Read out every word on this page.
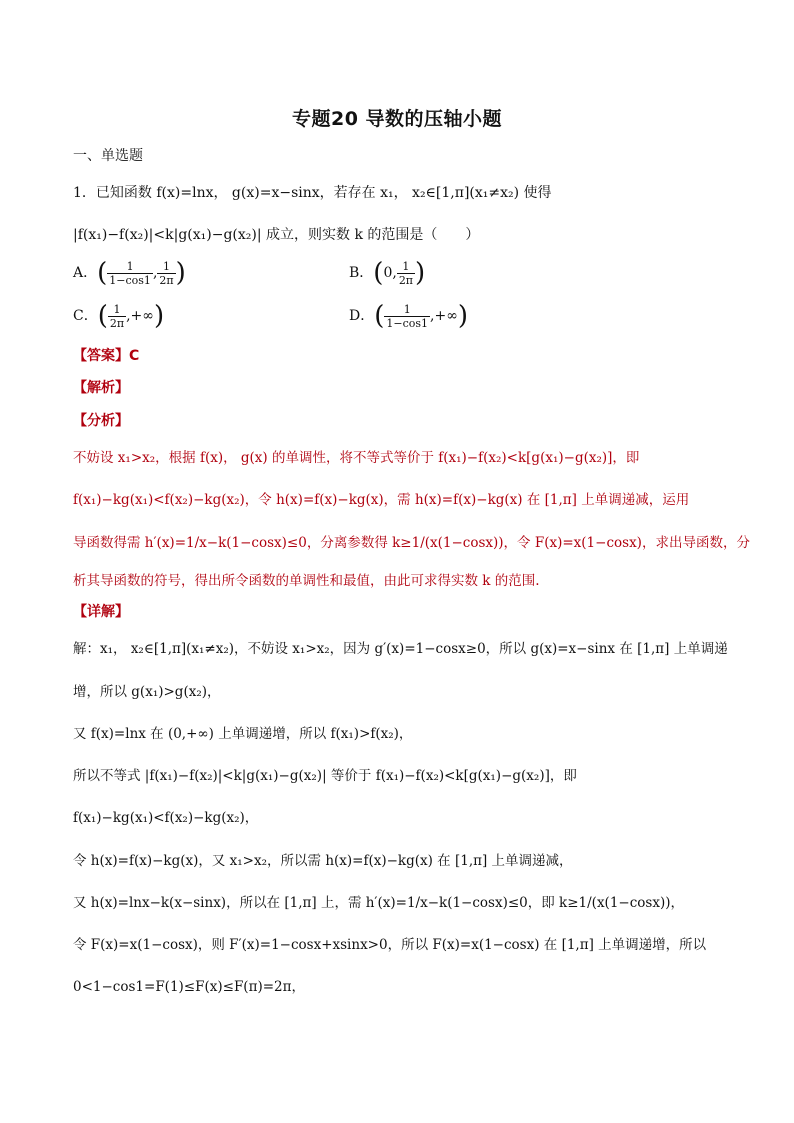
专题20 导数的压轴小题
一、单选题
1．已知函数 f(x)=lnx， g(x)=x−sinx，若存在 x₁， x₂∈[1,π](x₁≠x₂) 使得
|f(x₁)−f(x₂)|<k|g(x₁)−g(x₂)| 成立，则实数 k 的范围是（　　）
A．( $\frac{1}{1-\cos 1}$ , $\frac{1}{2\pi}$ )	B．(0, $\frac{1}{2\pi}$ )
C．( $\frac{1}{2\pi}$ ,+∞)	D．( $\frac{1}{1-\cos 1}$ ,+∞)
【答案】C
【解析】
【分析】
不妨设 x₁>x₂，根据 f(x)， g(x) 的单调性，将不等式等价于 f(x₁)−f(x₂)<k[g(x₁)−g(x₂)]，即
f(x₁)−kg(x₁)<f(x₂)−kg(x₂)，令 h(x)=f(x)−kg(x)，需 h(x)=f(x)−kg(x) 在 [1,π] 上单调递减，运用
导函数得需 h′(x)=1/x−k(1−cosx)≤0，分离参数得 k≥1/(x(1−cosx))，令 F(x)=x(1−cosx)，求出导函数，分
析其导函数的符号，得出所令函数的单调性和最值，由此可求得实数 k 的范围.
【详解】
解：x₁， x₂∈[1,π](x₁≠x₂)，不妨设 x₁>x₂，因为 g′(x)=1−cosx≥0，所以 g(x)=x−sinx 在 [1,π] 上单调递
增，所以 g(x₁)>g(x₂)，
又 f(x)=lnx 在 (0,+∞) 上单调递增，所以 f(x₁)>f(x₂)，
所以不等式 |f(x₁)−f(x₂)|<k|g(x₁)−g(x₂)| 等价于 f(x₁)−f(x₂)<k[g(x₁)−g(x₂)]，即
f(x₁)−kg(x₁)<f(x₂)−kg(x₂)，
令 h(x)=f(x)−kg(x)，又 x₁>x₂，所以需 h(x)=f(x)−kg(x) 在 [1,π] 上单调递减，
又 h(x)=lnx−k(x−sinx)，所以在 [1,π] 上，需 h′(x)=1/x−k(1−cosx)≤0，即 k≥1/(x(1−cosx))，
令 F(x)=x(1−cosx)，则 F′(x)=1−cosx+xsinx>0，所以 F(x)=x(1−cosx) 在 [1,π] 上单调递增，所以
0<1−cos1=F(1)≤F(x)≤F(π)=2π，
